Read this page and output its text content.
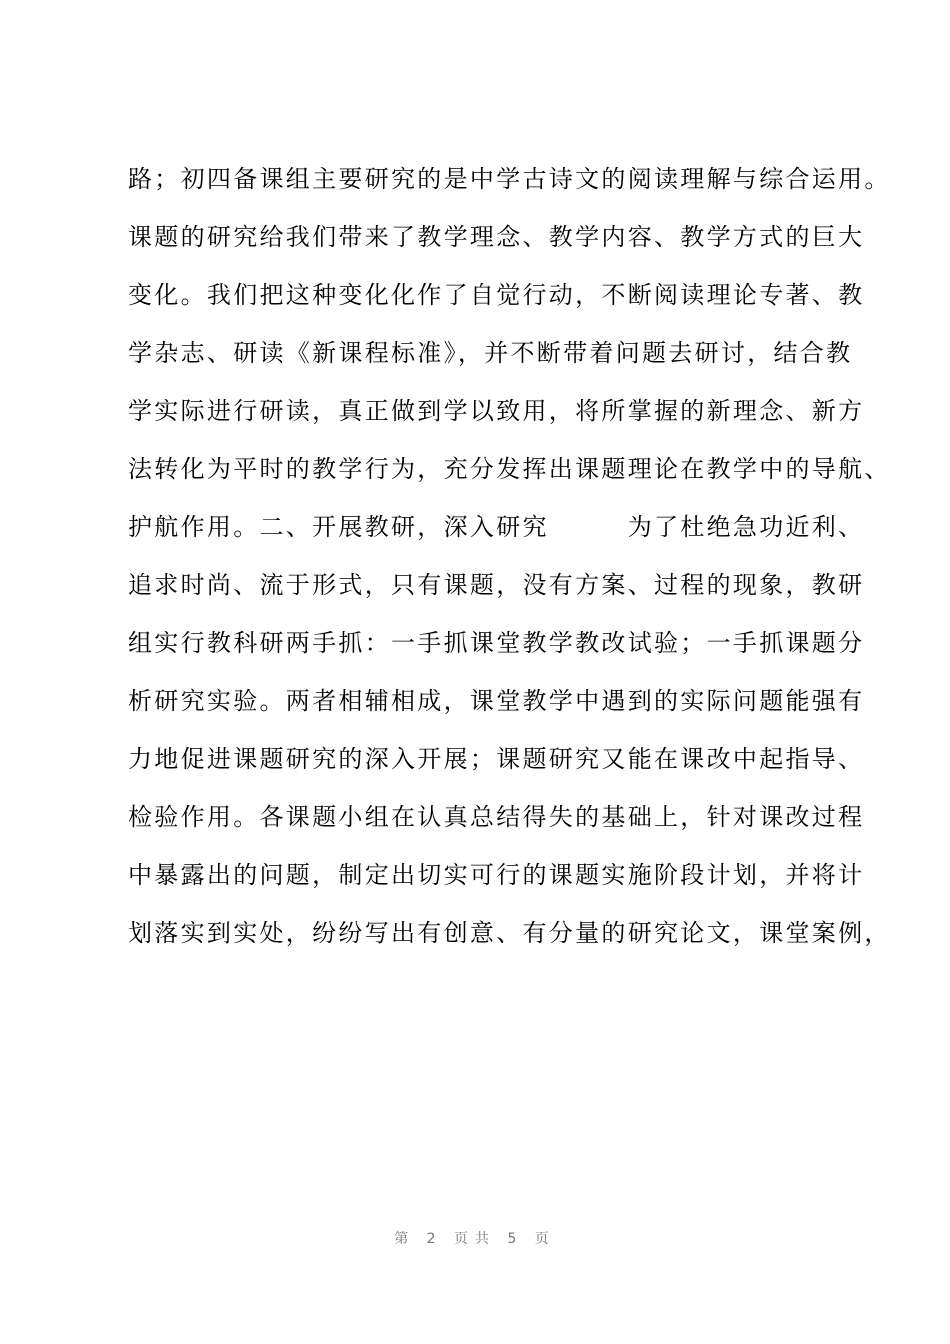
路；初四备课组主要研究的是中学古诗文的阅读理解与综合运用。
课题的研究给我们带来了教学理念、教学内容、教学方式的巨大
变化。我们把这种变化化作了自觉行动，不断阅读理论专著、教
学杂志、研读《新课程标准》，并不断带着问题去研讨，结合教
学实际进行研读，真正做到学以致用，将所掌握的新理念、新方
法转化为平时的教学行为，充分发挥出课题理论在教学中的导航、
护航作用。二、开展教研，深入研究　　　为了杜绝急功近利、
追求时尚、流于形式，只有课题，没有方案、过程的现象，教研
组实行教科研两手抓：一手抓课堂教学教改试验；一手抓课题分
析研究实验。两者相辅相成，课堂教学中遇到的实际问题能强有
力地促进课题研究的深入开展；课题研究又能在课改中起指导、
检验作用。各课题小组在认真总结得失的基础上，针对课改过程
中暴露出的问题，制定出切实可行的课题实施阶段计划，并将计
划落实到实处，纷纷写出有创意、有分量的研究论文，课堂案例，
第 2 页共 5 页
